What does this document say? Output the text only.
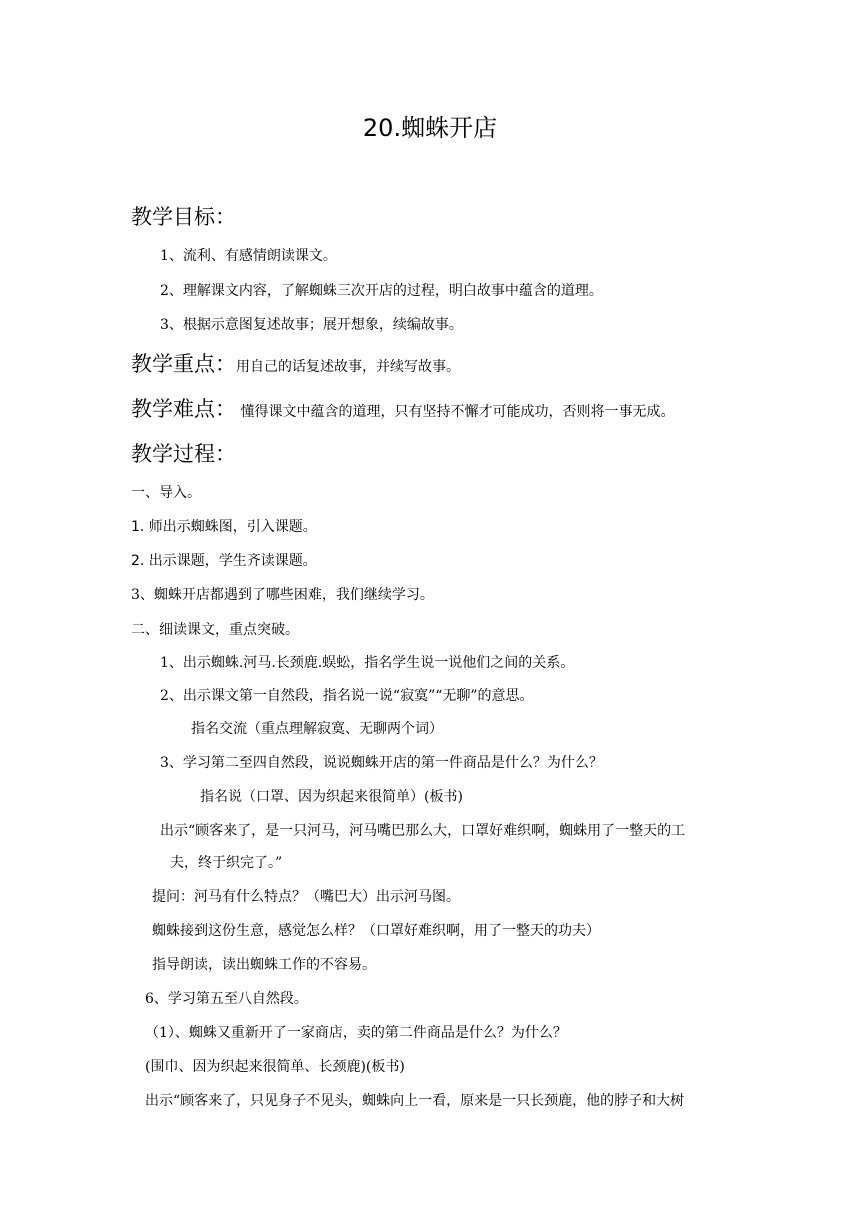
20.蜘蛛开店
教学目标：
1、流利、有感情朗读课文。
2、理解课文内容，了解蜘蛛三次开店的过程，明白故事中蕴含的道理。
3、根据示意图复述故事；展开想象，续编故事。
教学重点：用自己的话复述故事，并续写故事。
教学难点： 懂得课文中蕴含的道理，只有坚持不懈才可能成功，否则将一事无成。
教学过程：
一、导入。
1. 师出示蜘蛛图，引入课题。
2. 出示课题，学生齐读课题。
3、蜘蛛开店都遇到了哪些困难，我们继续学习。
二、细读课文，重点突破。
1、出示蜘蛛.河马.长颈鹿.蜈蚣，指名学生说一说他们之间的关系。
2、出示课文第一自然段，指名说一说“寂寞”“无聊”的意思。
指名交流（重点理解寂寞、无聊两个词）
3、学习第二至四自然段，说说蜘蛛开店的第一件商品是什么？为什么？
指名说（口罩、因为织起来很简单）(板书)
出示“顾客来了，是一只河马，河马嘴巴那么大，口罩好难织啊，蜘蛛用了一整天的工
夫，终于织完了。”
提问：河马有什么特点？（嘴巴大）出示河马图。
蜘蛛接到这份生意，感觉怎么样？（口罩好难织啊，用了一整天的功夫）
指导朗读，读出蜘蛛工作的不容易。
6、学习第五至八自然段。
（1）、蜘蛛又重新开了一家商店，卖的第二件商品是什么？为什么？
(围巾、因为织起来很简单、长颈鹿)(板书)
出示“顾客来了，只见身子不见头，蜘蛛向上一看，原来是一只长颈鹿，他的脖子和大树
